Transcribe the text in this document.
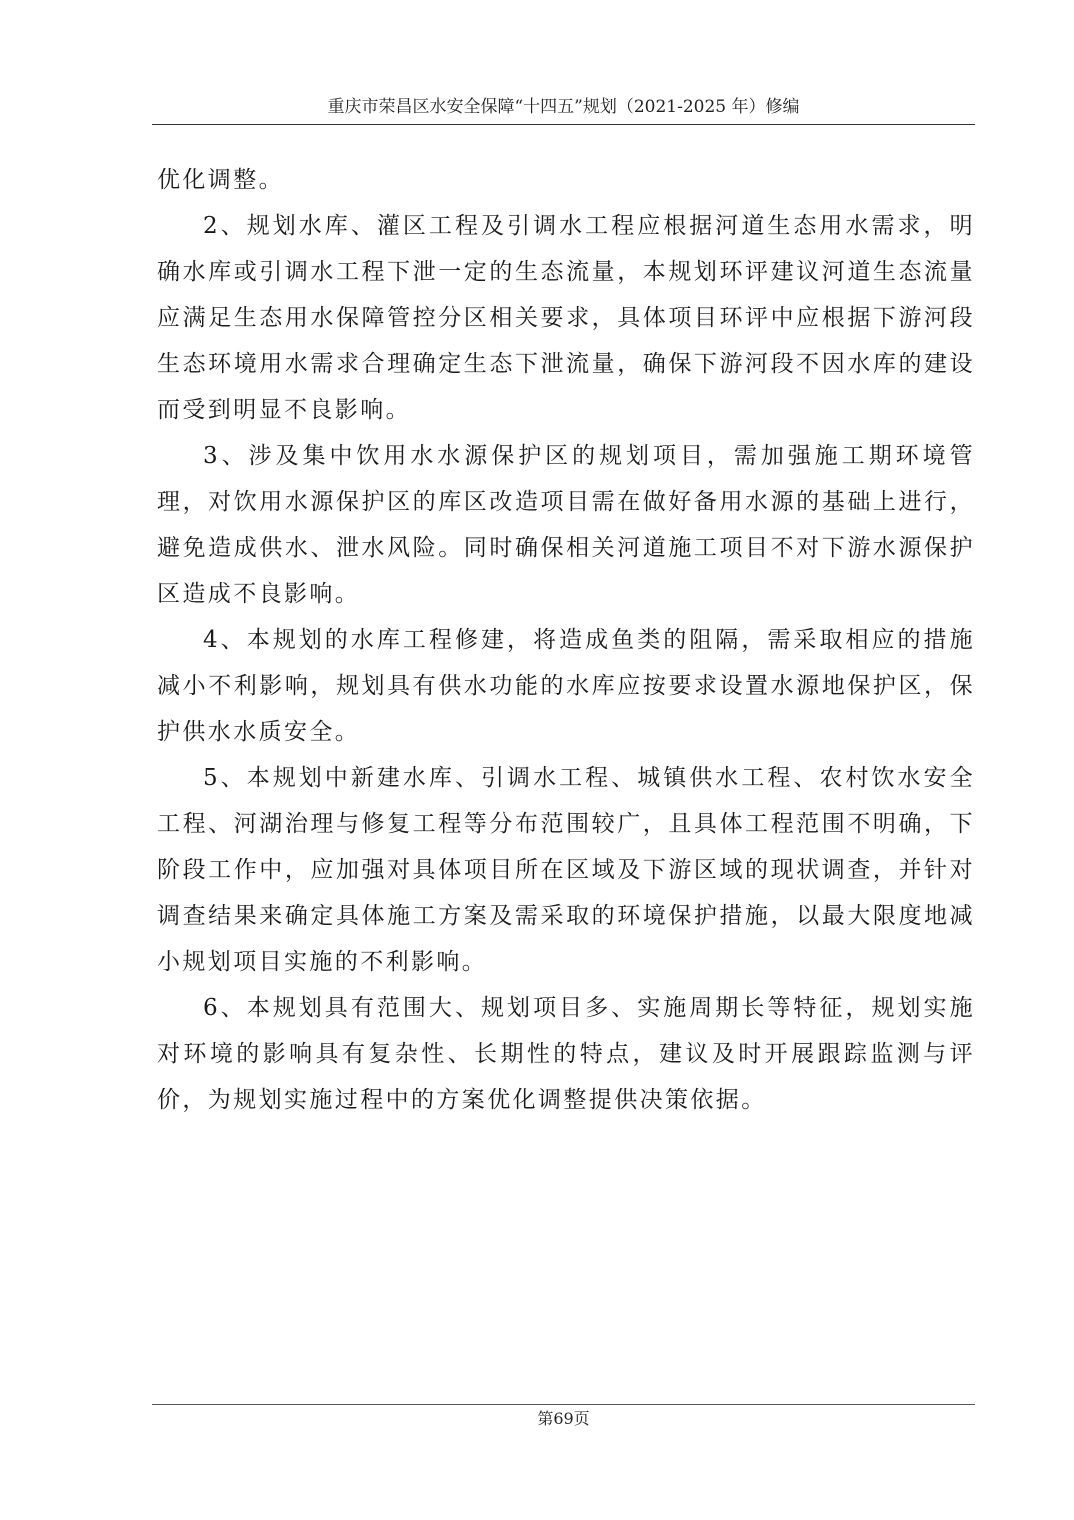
重庆市荣昌区水安全保障“十四五”规划（2021-2025 年）修编

优化调整。

2、规划水库、灌区工程及引调水工程应根据河道生态用水需求，明确水库或引调水工程下泄一定的生态流量，本规划环评建议河道生态流量应满足生态用水保障管控分区相关要求，具体项目环评中应根据下游河段生态环境用水需求合理确定生态下泄流量，确保下游河段不因水库的建设而受到明显不良影响。

3、涉及集中饮用水水源保护区的规划项目，需加强施工期环境管理，对饮用水源保护区的库区改造项目需在做好备用水源的基础上进行，避免造成供水、泄水风险。同时确保相关河道施工项目不对下游水源保护区造成不良影响。

4、本规划的水库工程修建，将造成鱼类的阻隔，需采取相应的措施减小不利影响，规划具有供水功能的水库应按要求设置水源地保护区，保护供水水质安全。

5、本规划中新建水库、引调水工程、城镇供水工程、农村饮水安全工程、河湖治理与修复工程等分布范围较广，且具体工程范围不明确，下阶段工作中，应加强对具体项目所在区域及下游区域的现状调查，并针对调查结果来确定具体施工方案及需采取的环境保护措施，以最大限度地减小规划项目实施的不利影响。

6、本规划具有范围大、规划项目多、实施周期长等特征，规划实施对环境的影响具有复杂性、长期性的特点，建议及时开展跟踪监测与评价，为规划实施过程中的方案优化调整提供决策依据。

第69页
